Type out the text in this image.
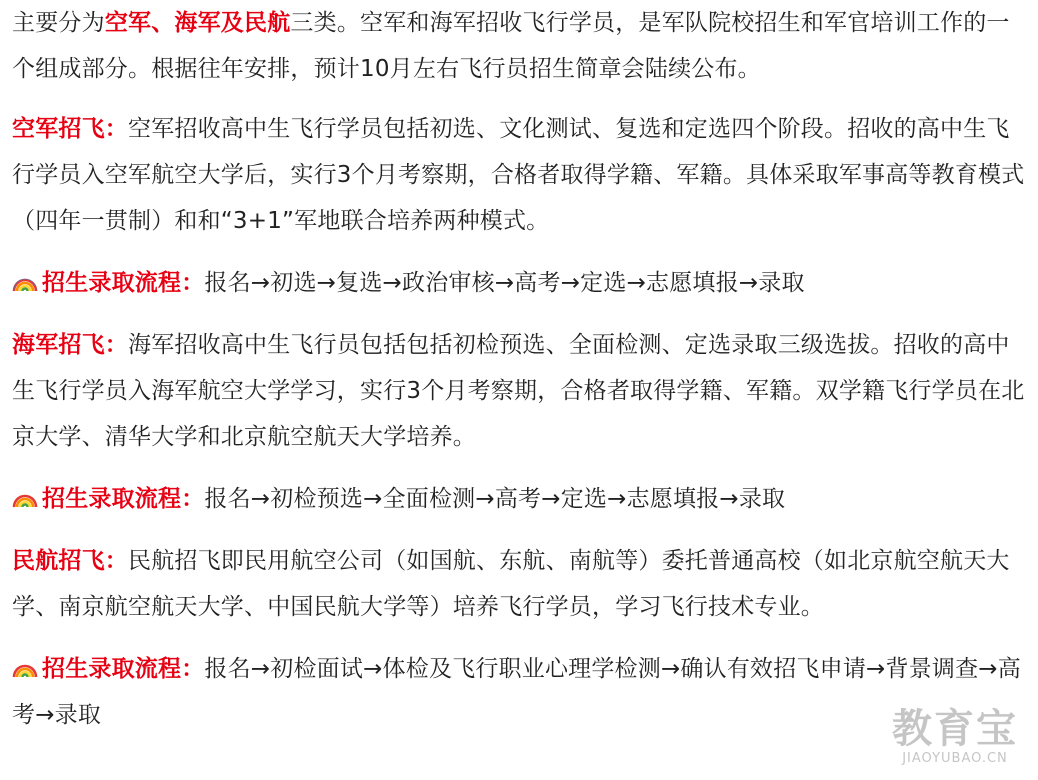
主要分为空军、海军及民航三类。空军和海军招收飞行学员，是军队院校招生和军官培训工作的一个组成部分。根据往年安排，预计10月左右飞行员招生简章会陆续公布。

空军招飞：空军招收高中生飞行学员包括初选、文化测试、复选和定选四个阶段。招收的高中生飞行学员入空军航空大学后，实行3个月考察期，合格者取得学籍、军籍。具体采取军事高等教育模式（四年一贯制）和和“3+1”军地联合培养两种模式。

招生录取流程：报名→初选→复选→政治审核→高考→定选→志愿填报→录取

海军招飞：海军招收高中生飞行员包括包括初检预选、全面检测、定选录取三级选拔。招收的高中生飞行学员入海军航空大学学习，实行3个月考察期，合格者取得学籍、军籍。双学籍飞行学员在北京大学、清华大学和北京航空航天大学培养。

招生录取流程：报名→初检预选→全面检测→高考→定选→志愿填报→录取

民航招飞：民航招飞即民用航空公司（如国航、东航、南航等）委托普通高校（如北京航空航天大学、南京航空航天大学、中国民航大学等）培养飞行学员，学习飞行技术专业。

招生录取流程：报名→初检面试→体检及飞行职业心理学检测→确认有效招飞申请→背景调查→高考→录取	教育宝
JIAOYUBAO.CN
